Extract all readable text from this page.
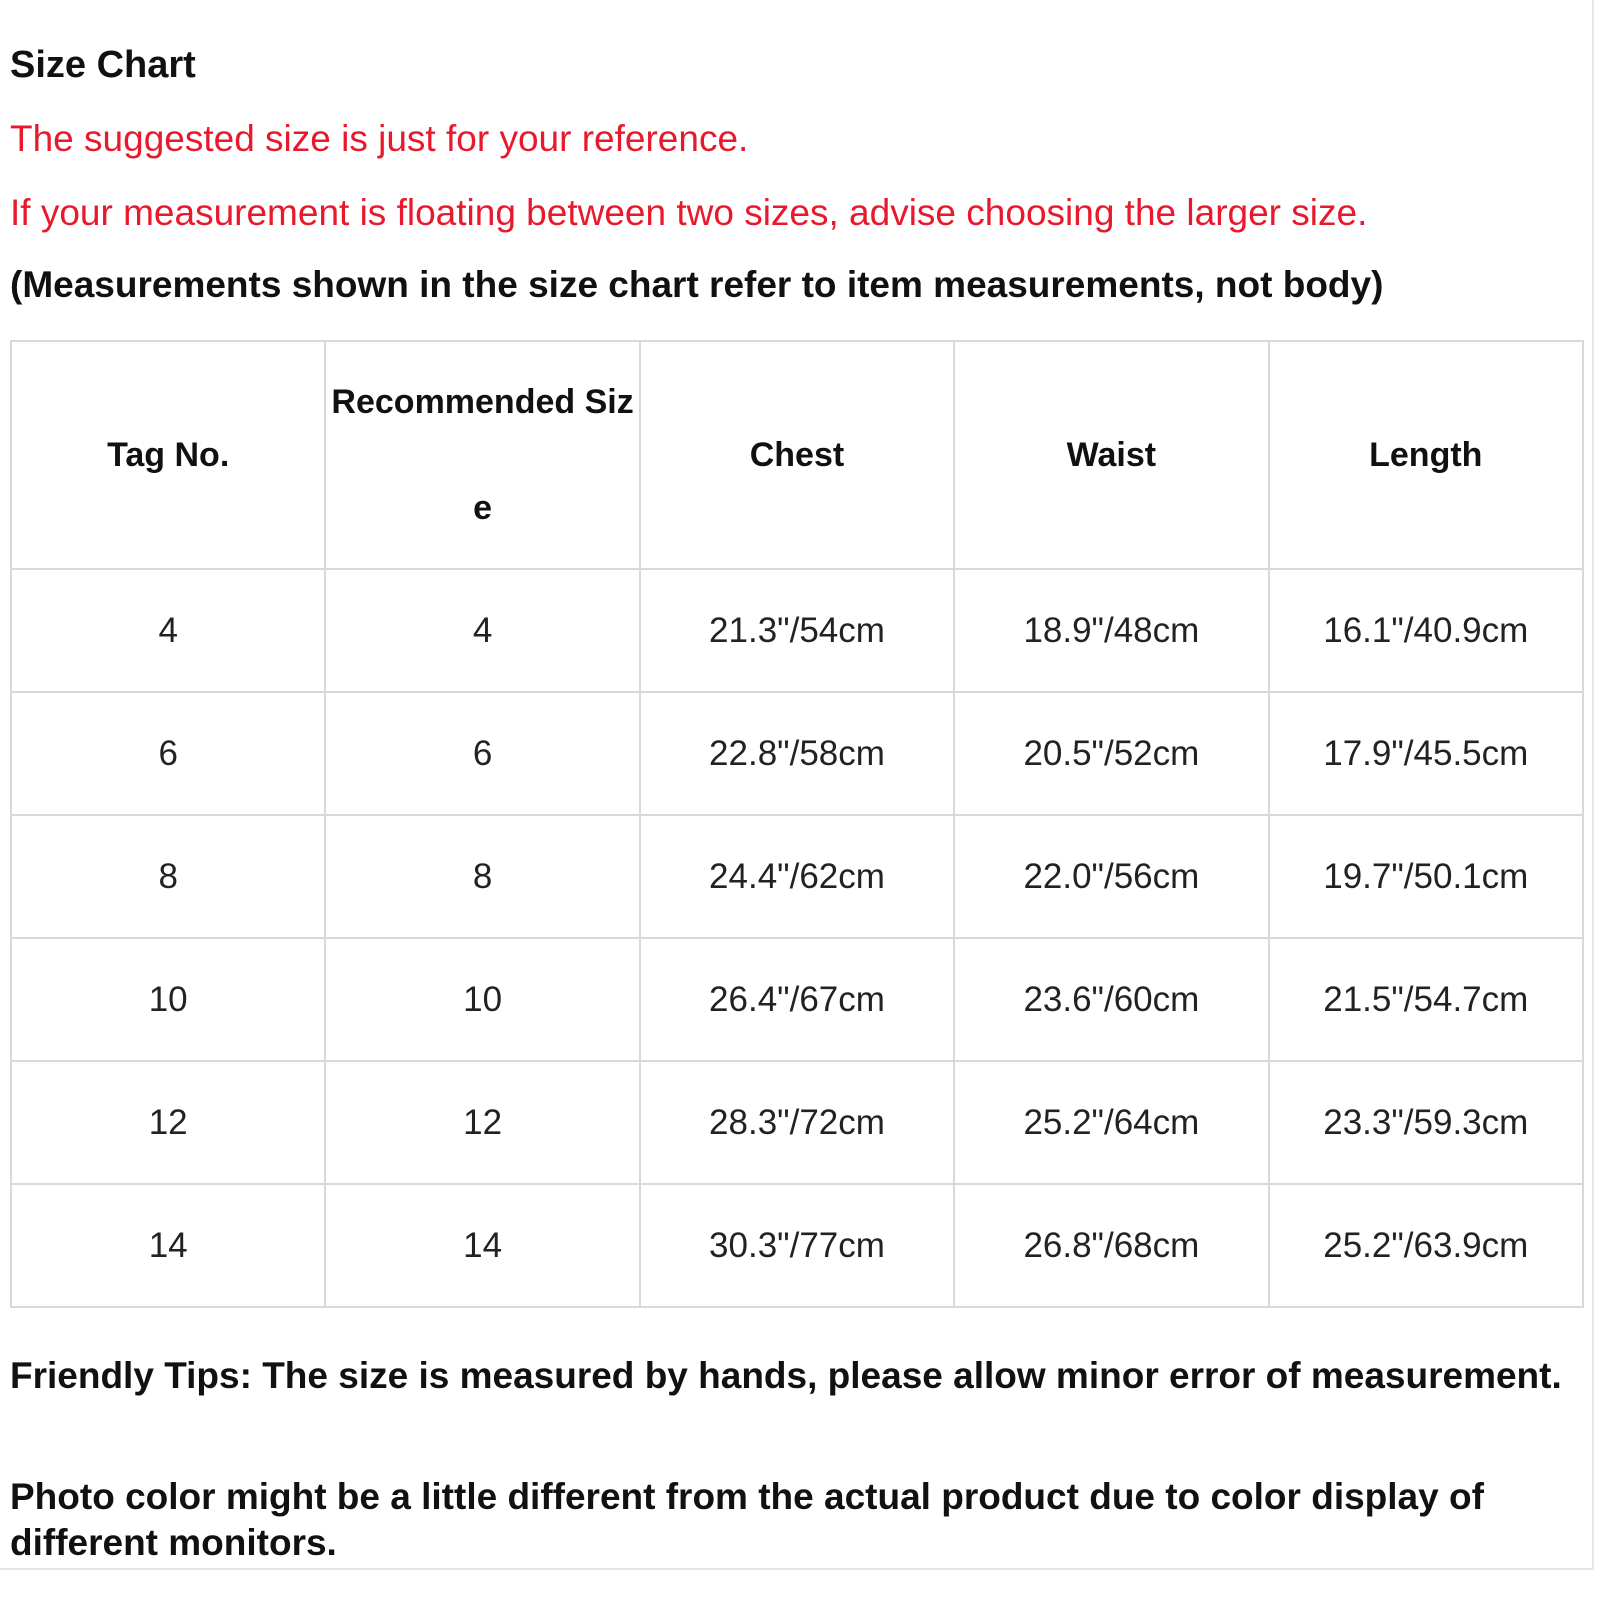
Size Chart
The suggested size is just for your reference.
If your measurement is floating between two sizes, advise choosing the larger size.
(Measurements shown in the size chart refer to item measurements, not body)
Tag No.	Recommended Size	Chest	Waist	Length
4	4	21.3"/54cm	18.9"/48cm	16.1"/40.9cm
6	6	22.8"/58cm	20.5"/52cm	17.9"/45.5cm
8	8	24.4"/62cm	22.0"/56cm	19.7"/50.1cm
10	10	26.4"/67cm	23.6"/60cm	21.5"/54.7cm
12	12	28.3"/72cm	25.2"/64cm	23.3"/59.3cm
14	14	30.3"/77cm	26.8"/68cm	25.2"/63.9cm
Friendly Tips: The size is measured by hands, please allow minor error of measurement.
Photo color might be a little different from the actual product due to color display of different monitors.
